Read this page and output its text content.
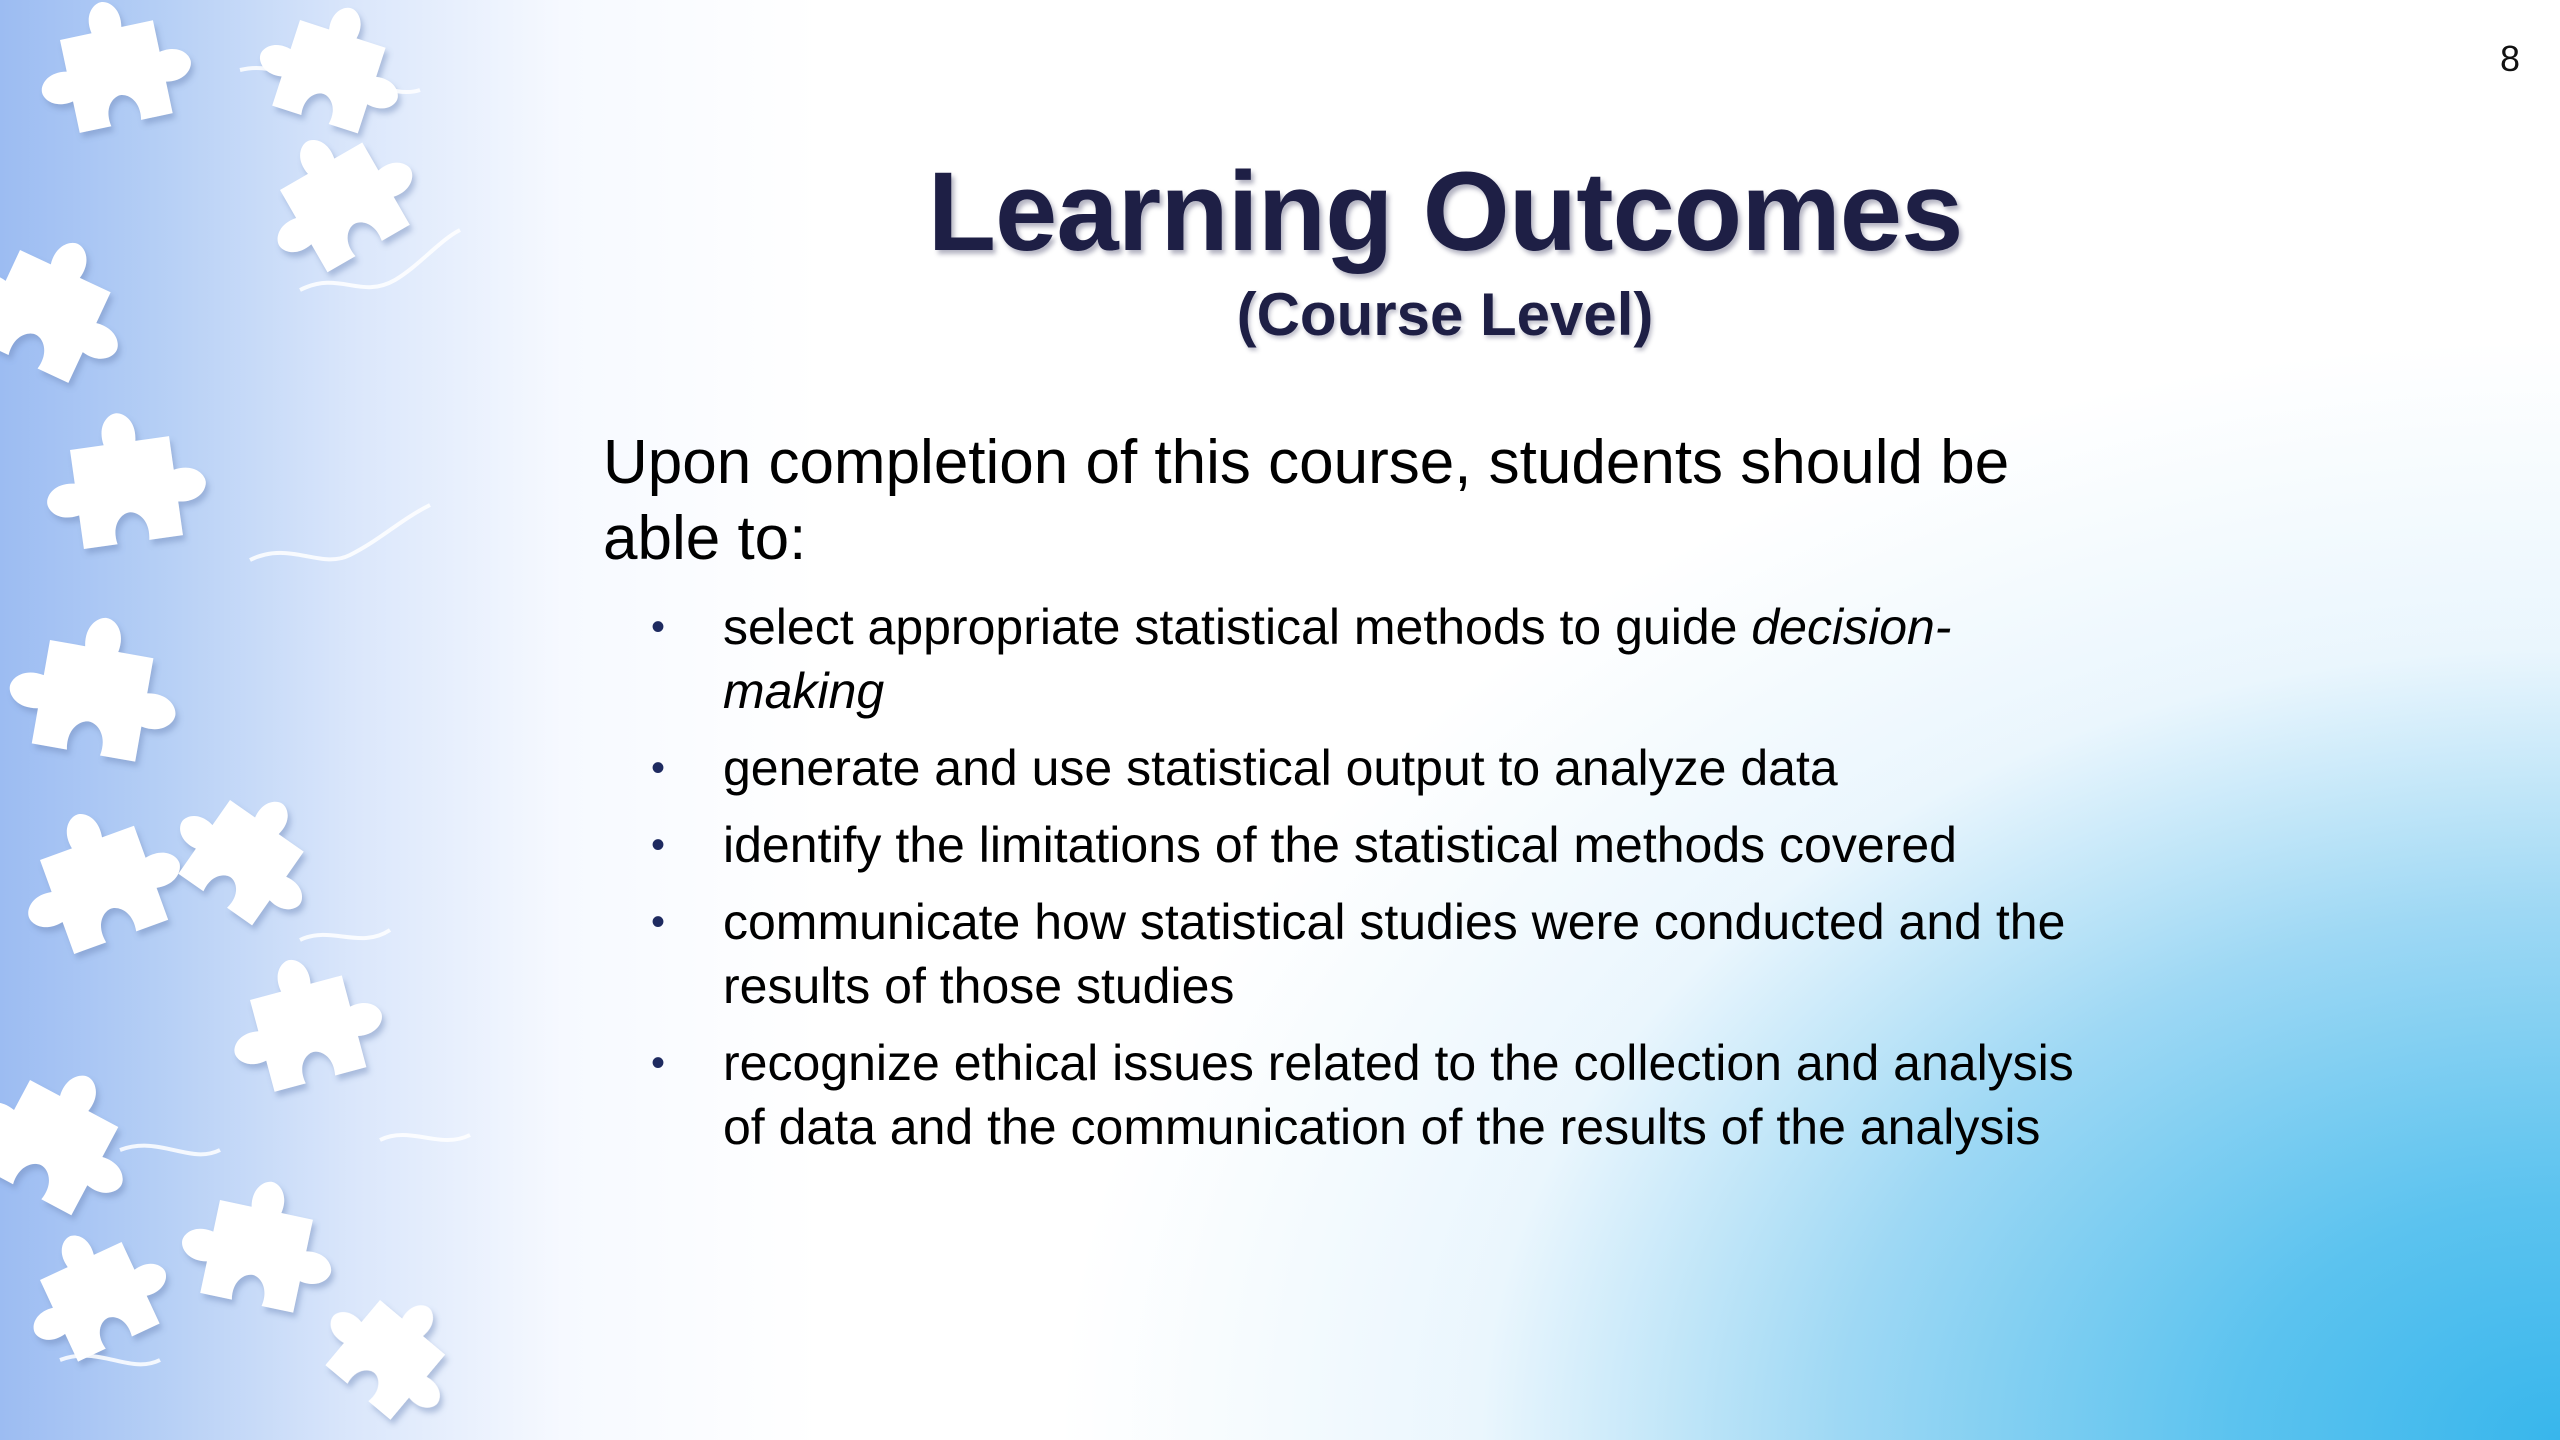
8
Learning Outcomes
(Course Level)

Upon completion of this course, students should be able to:

• select appropriate statistical methods to guide decision-making
• generate and use statistical output to analyze data
• identify the limitations of the statistical methods covered
• communicate how statistical studies were conducted and the results of those studies
• recognize ethical issues related to the collection and analysis of data and the communication of the results of the analysis
